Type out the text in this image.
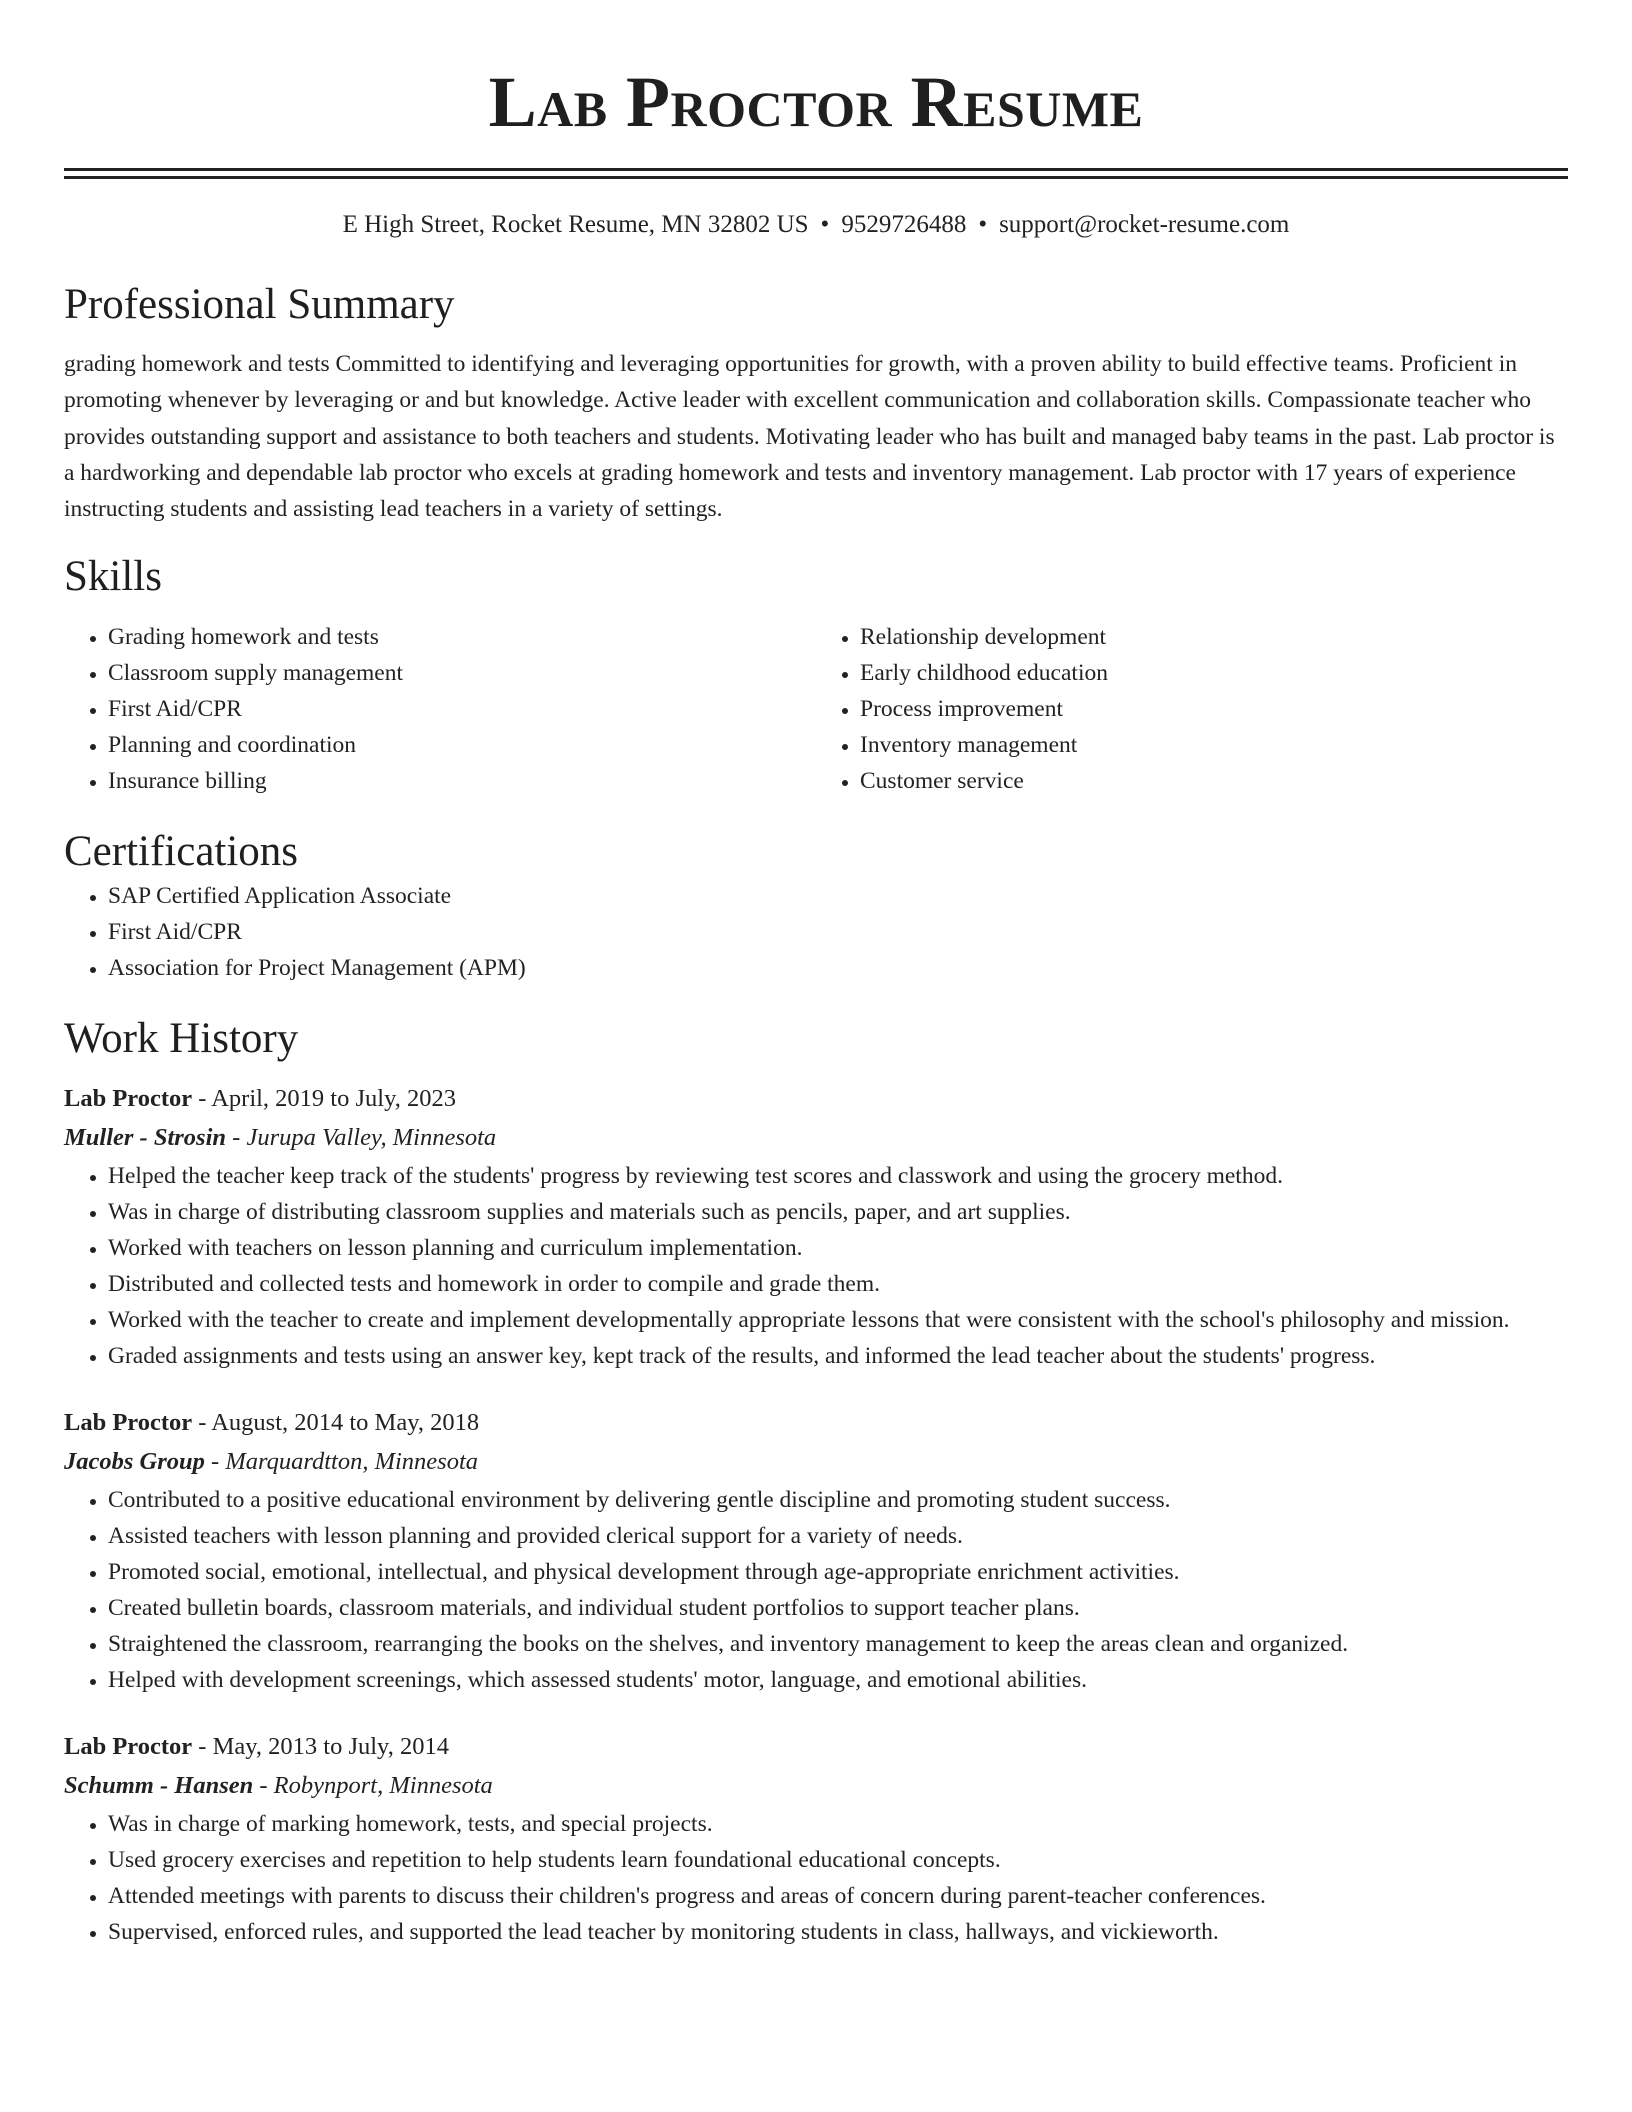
Lab Proctor Resume
E High Street, Rocket Resume, MN 32802 US • 9529726488 • support@rocket-resume.com
Professional Summary
grading homework and tests Committed to identifying and leveraging opportunities for growth, with a proven ability to build effective teams. Proficient in promoting whenever by leveraging or and but knowledge. Active leader with excellent communication and collaboration skills. Compassionate teacher who provides outstanding support and assistance to both teachers and students. Motivating leader who has built and managed baby teams in the past. Lab proctor is a hardworking and dependable lab proctor who excels at grading homework and tests and inventory management. Lab proctor with 17 years of experience instructing students and assisting lead teachers in a variety of settings.
Skills
• Grading homework and tests
• Classroom supply management
• First Aid/CPR
• Planning and coordination
• Insurance billing
• Relationship development
• Early childhood education
• Process improvement
• Inventory management
• Customer service
Certifications
• SAP Certified Application Associate
• First Aid/CPR
• Association for Project Management (APM)
Work History
Lab Proctor - April, 2019 to July, 2023
Muller - Strosin - Jurupa Valley, Minnesota
• Helped the teacher keep track of the students' progress by reviewing test scores and classwork and using the grocery method.
• Was in charge of distributing classroom supplies and materials such as pencils, paper, and art supplies.
• Worked with teachers on lesson planning and curriculum implementation.
• Distributed and collected tests and homework in order to compile and grade them.
• Worked with the teacher to create and implement developmentally appropriate lessons that were consistent with the school's philosophy and mission.
• Graded assignments and tests using an answer key, kept track of the results, and informed the lead teacher about the students' progress.
Lab Proctor - August, 2014 to May, 2018
Jacobs Group - Marquardtton, Minnesota
• Contributed to a positive educational environment by delivering gentle discipline and promoting student success.
• Assisted teachers with lesson planning and provided clerical support for a variety of needs.
• Promoted social, emotional, intellectual, and physical development through age-appropriate enrichment activities.
• Created bulletin boards, classroom materials, and individual student portfolios to support teacher plans.
• Straightened the classroom, rearranging the books on the shelves, and inventory management to keep the areas clean and organized.
• Helped with development screenings, which assessed students' motor, language, and emotional abilities.
Lab Proctor - May, 2013 to July, 2014
Schumm - Hansen - Robynport, Minnesota
• Was in charge of marking homework, tests, and special projects.
• Used grocery exercises and repetition to help students learn foundational educational concepts.
• Attended meetings with parents to discuss their children's progress and areas of concern during parent-teacher conferences.
• Supervised, enforced rules, and supported the lead teacher by monitoring students in class, hallways, and vickieworth.
